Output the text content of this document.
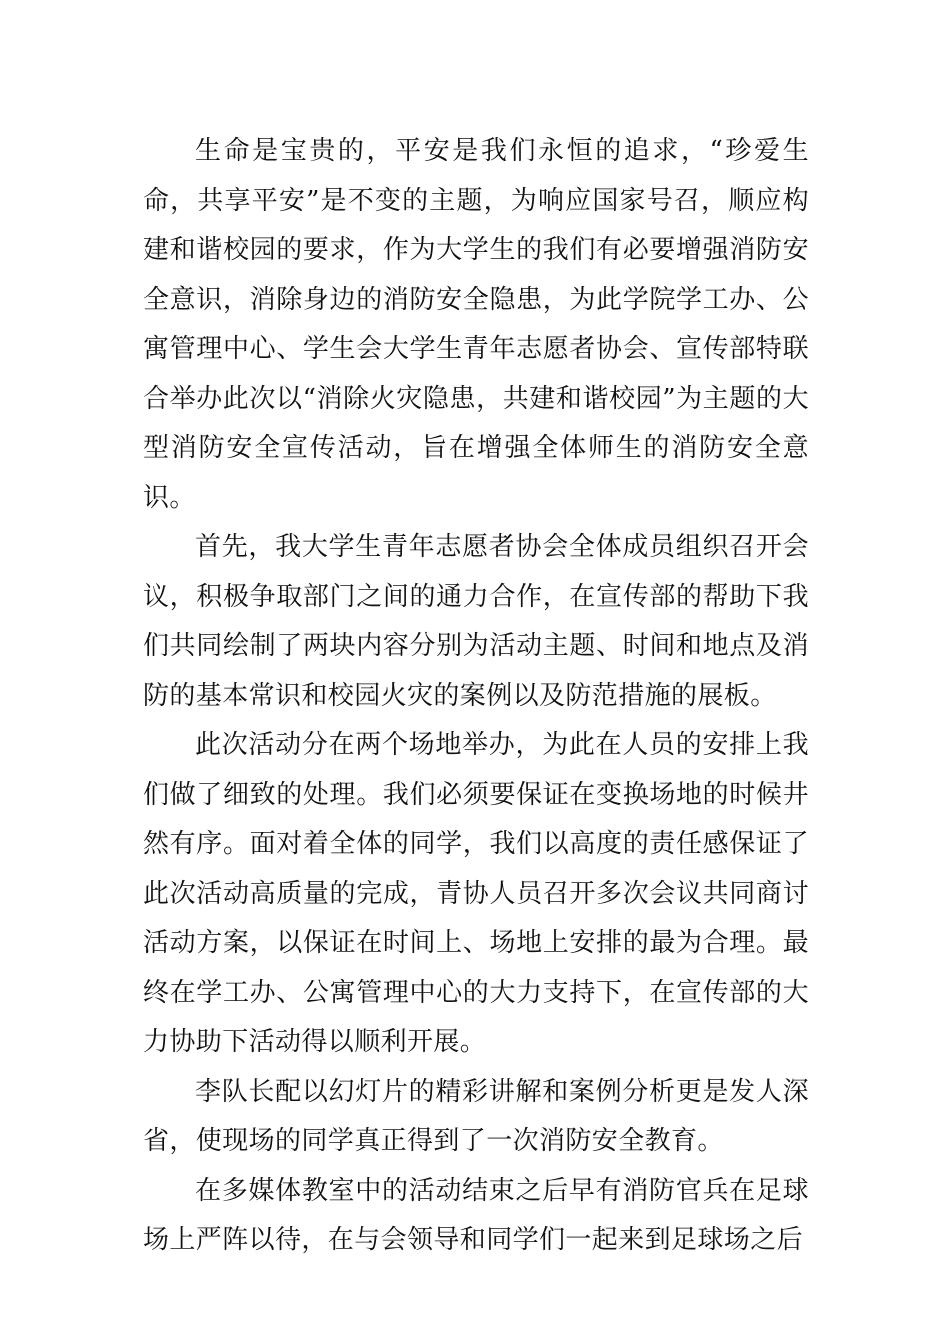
生命是宝贵的，平安是我们永恒的追求，“珍爱生命，共享平安”是不变的主题，为响应国家号召，顺应构建和谐校园的要求，作为大学生的我们有必要增强消防安全意识，消除身边的消防安全隐患，为此学院学工办、公寓管理中心、学生会大学生青年志愿者协会、宣传部特联合举办此次以“消除火灾隐患，共建和谐校园”为主题的大型消防安全宣传活动，旨在增强全体师生的消防安全意识。

首先，我大学生青年志愿者协会全体成员组织召开会议，积极争取部门之间的通力合作，在宣传部的帮助下我们共同绘制了两块内容分别为活动主题、时间和地点及消防的基本常识和校园火灾的案例以及防范措施的展板。

此次活动分在两个场地举办，为此在人员的安排上我们做了细致的处理。我们必须要保证在变换场地的时候井然有序。面对着全体的同学，我们以高度的责任感保证了此次活动高质量的完成，青协人员召开多次会议共同商讨活动方案，以保证在时间上、场地上安排的最为合理。最终在学工办、公寓管理中心的大力支持下，在宣传部的大力协助下活动得以顺利开展。

李队长配以幻灯片的精彩讲解和案例分析更是发人深省，使现场的同学真正得到了一次消防安全教育。

在多媒体教室中的活动结束之后早有消防官兵在足球场上严阵以待，在与会领导和同学们一起来到足球场之后
